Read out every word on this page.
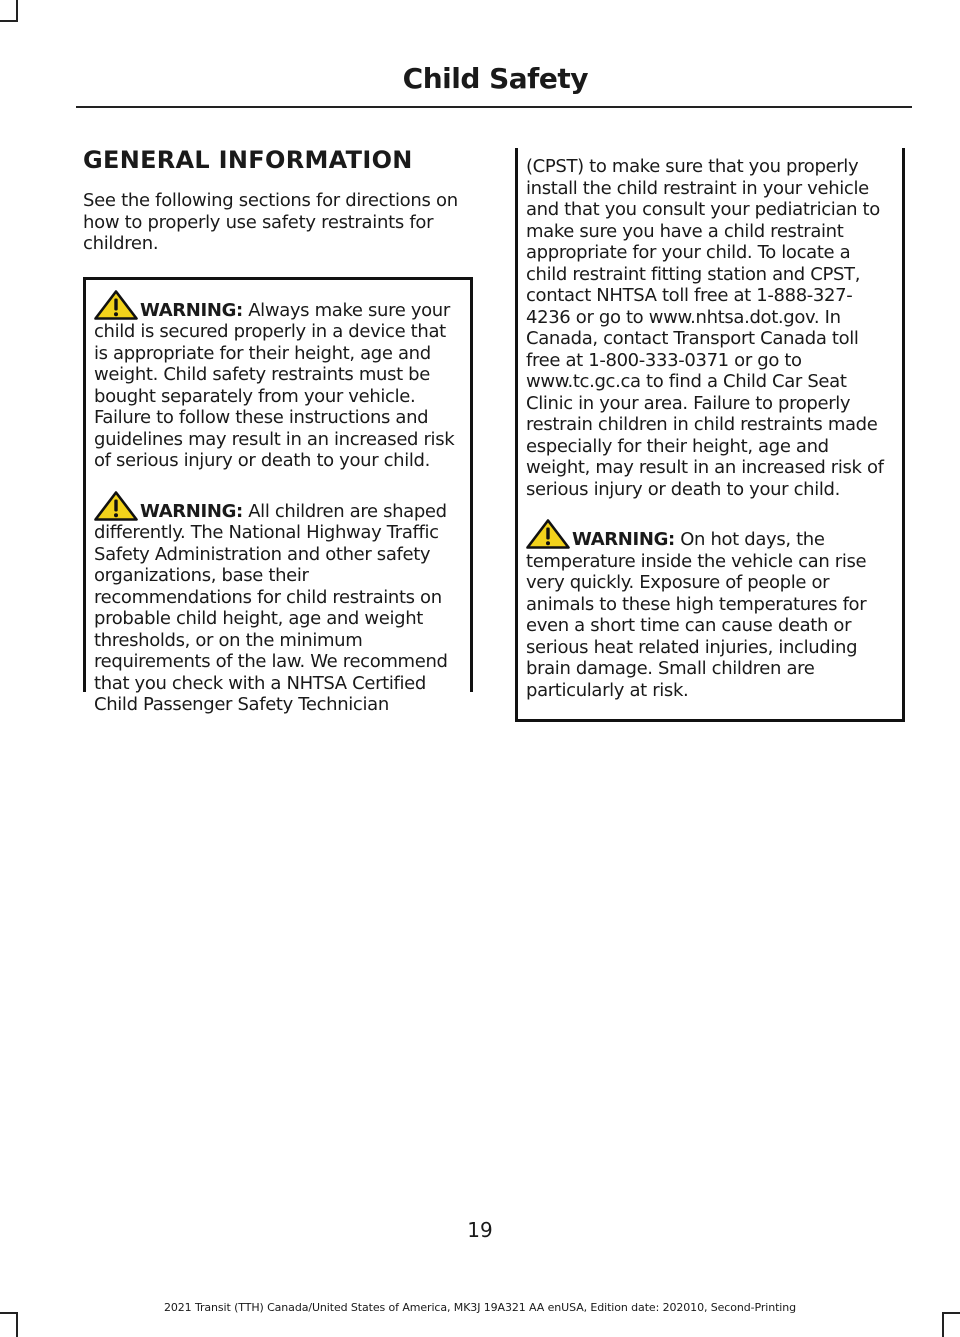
Child Safety
GENERAL INFORMATION

See the following sections for directions on how to properly use safety restraints for children.

WARNING: Always make sure your child is secured properly in a device that is appropriate for their height, age and weight. Child safety restraints must be bought separately from your vehicle. Failure to follow these instructions and guidelines may result in an increased risk of serious injury or death to your child.

WARNING: All children are shaped differently. The National Highway Traffic Safety Administration and other safety organizations, base their recommendations for child restraints on probable child height, age and weight thresholds, or on the minimum requirements of the law. We recommend that you check with a NHTSA Certified Child Passenger Safety Technician

(CPST) to make sure that you properly install the child restraint in your vehicle and that you consult your pediatrician to make sure you have a child restraint appropriate for your child. To locate a child restraint fitting station and CPST, contact NHTSA toll free at 1-888-327-4236 or go to www.nhtsa.dot.gov. In Canada, contact Transport Canada toll free at 1-800-333-0371 or go to www.tc.gc.ca to find a Child Car Seat Clinic in your area. Failure to properly restrain children in child restraints made especially for their height, age and weight, may result in an increased risk of serious injury or death to your child.

WARNING: On hot days, the temperature inside the vehicle can rise very quickly. Exposure of people or animals to these high temperatures for even a short time can cause death or serious heat related injuries, including brain damage. Small children are particularly at risk.

19
2021 Transit (TTH) Canada/United States of America, MK3J 19A321 AA enUSA, Edition date: 202010, Second-Printing
